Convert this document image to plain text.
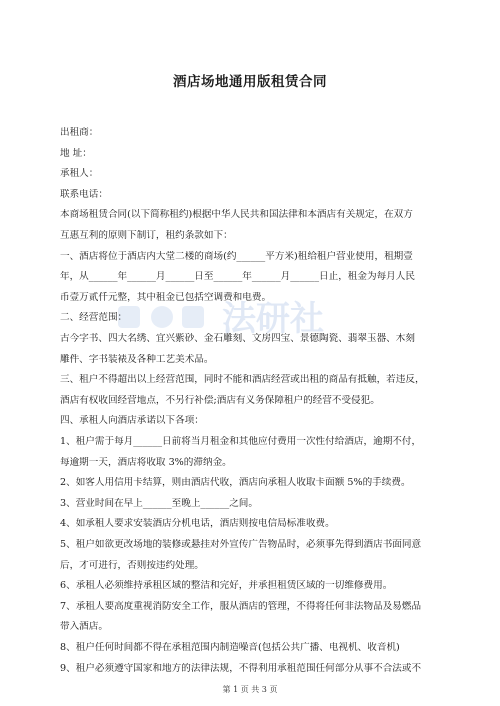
法研社
酒店场地通用版租赁合同
出租商：
地 址：
承租人：
联系电话：
本商场租赁合同(以下简称租约)根据中华人民共和国法律和本酒店有关规定，在双方
互惠互利的原则下制订，租约条款如下：
一、酒店将位于酒店内大堂二楼的商场(约______平方米)租给租户营业使用，租期壹
年，从______年______月______日至______年______月______日止，租金为每月人民
币壹万贰仟元整，其中租金已包括空调费和电费。
二、经营范围：
古今字书、四大名绣、宜兴紫砂、金石雕刻、文房四宝、景德陶瓷、翡翠玉器、木刻
雕件、字书装裱及各种工艺美术品。
三、租户不得超出以上经营范围，同时不能和酒店经营或出租的商品有抵触，若违反，
酒店有权收回经营地点，不另行补偿;酒店有义务保障租户的经营不受侵犯。
四、承租人向酒店承诺以下各项：
1、租户需于每月______日前将当月租金和其他应付费用一次性付给酒店，逾期不付，
每逾期一天，酒店将收取 3%的滞纳金。
2、如客人用信用卡结算，则由酒店代收，酒店向承租人收取卡面额 5%的手续费。
3、营业时间在早上______至晚上______之间。
4、如承租人要求安装酒店分机电话，酒店则按电信局标准收费。
5、租户如欲更改场地的装修或悬挂对外宣传广告物品时，必须事先得到酒店书面同意
后，才可进行，否则按违约处理。
6、承租人必须维持承租区域的整洁和完好，并承担租赁区域的一切维修费用。
7、承租人要高度重视消防安全工作，服从酒店的管理，不得将任何非法物品及易燃品
带入酒店。
8、租户任何时间都不得在承租范围内制造噪音(包括公共广播、电视机、收音机)
9、租户必须遵守国家和地方的法律法规，不得利用承租范围任何部分从事不合法或不
第 1 页 共 3 页
